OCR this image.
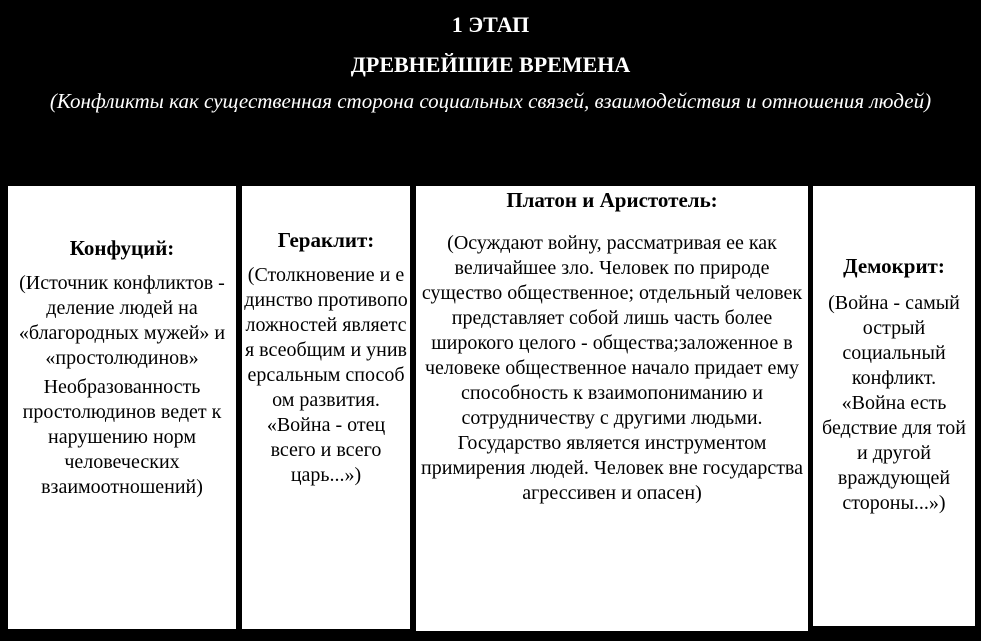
1 ЭТАП
ДРЕВНЕЙШИЕ ВРЕМЕНА
(Конфликты как существенная сторона социальных связей, взаимодействия и отношения людей)
Конфуций:

(Источник конфликтов - деление людей на «благородных мужей» и «простолюдинов»

Необразованность простолюдинов ведет к нарушению норм человеческих взаимоотношений)

Гераклит:

(Столкновение и единство противоположностей является всеобщим и универсальным способом развития.

«Война - отец всего и всего царь...»)

Платон и Аристотель:

(Осуждают войну, рассматривая ее как величайшее зло. Человек по природе существо общественное; отдельный человек представляет собой лишь часть более широкого целого - общества;заложенное в человеке общественное начало придает ему способность к взаимопониманию и сотрудничеству с другими людьми. Государство является инструментом примирения людей. Человек вне государства агрессивен и опасен)

Демокрит:

(Война - самый острый социальный конфликт.

«Война есть бедствие для той и другой враждующей стороны...»)
